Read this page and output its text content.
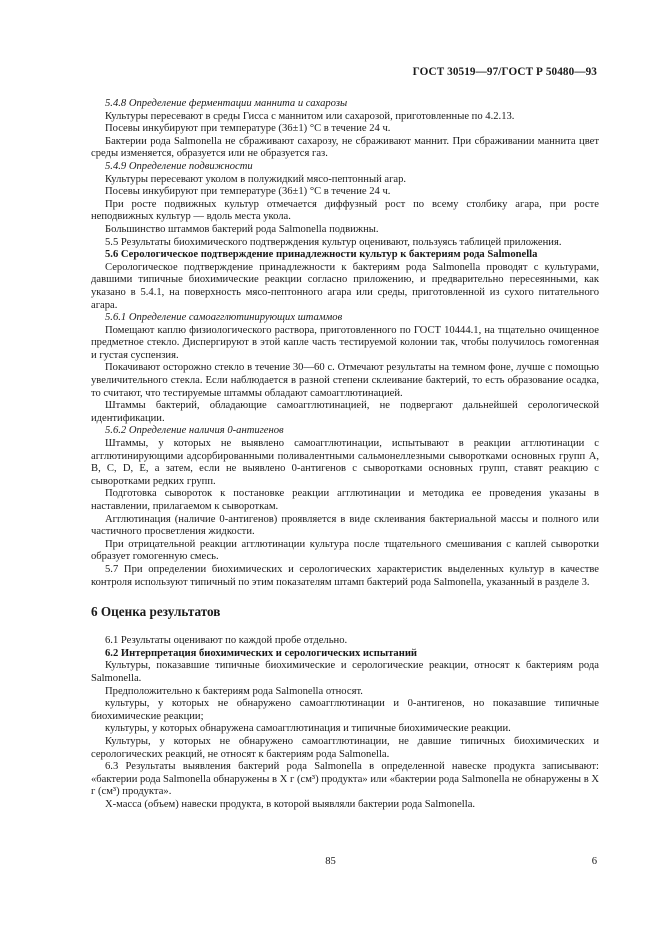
ГОСТ 30519—97/ГОСТ Р 50480—93

5.4.8 Определение ферментации маннита и сахарозы

Культуры пересевают в среды Гисса с маннитом или сахарозой, приготовленные по 4.2.13.

Посевы инкубируют при температуре (36±1) °С в течение 24 ч.

Бактерии рода Salmonella не сбраживают сахарозу, не сбраживают маннит. При сбраживании маннита цвет среды изменяется, образуется или не образуется газ.

5.4.9 Определение подвижности

Культуры пересевают уколом в полужидкий мясо-пептонный агар.

Посевы инкубируют при температуре (36±1) °С в течение 24 ч.

При росте подвижных культур отмечается диффузный рост по всему столбику агара, при росте неподвижных культур — вдоль места укола.

Большинство штаммов бактерий рода Salmonella подвижны.

5.5 Результаты биохимического подтверждения культур оценивают, пользуясь таблицей приложения.

5.6 Серологическое подтверждение принадлежности культур к бактериям рода Salmonella

Серологическое подтверждение принадлежности к бактериям рода Salmonella проводят с культурами, давшими типичные биохимические реакции согласно приложению, и предварительно пересеянными, как указано в 5.4.1, на поверхность мясо-пептонного агара или среды, приготовленной из сухого питательного агара.

5.6.1 Определение самоагглютинирующих штаммов

Помещают каплю физиологического раствора, приготовленного по ГОСТ 10444.1, на тщательно очищенное предметное стекло. Диспергируют в этой капле часть тестируемой колонии так, чтобы получилось гомогенная и густая суспензия.

Покачивают осторожно стекло в течение 30—60 с. Отмечают результаты на темном фоне, лучше с помощью увеличительного стекла. Если наблюдается в разной степени склеивание бактерий, то есть образование осадка, то считают, что тестируемые штаммы обладают самоагглютинацией.

Штаммы бактерий, обладающие самоагглютинацией, не подвергают дальнейшей серологической идентификации.

5.6.2 Определение наличия 0-антигенов

Штаммы, у которых не выявлено самоагглютинации, испытывают в реакции агглютинации с агглютинирующими адсорбированными поливалентными сальмонеллезными сыворотками основных групп A, B, C, D, E, а затем, если не выявлено 0-антигенов с сыворотками основных групп, ставят реакцию с сыворотками редких групп.

Подготовка сывороток к постановке реакции агглютинации и методика ее проведения указаны в наставлении, прилагаемом к сывороткам.

Агглютинация (наличие 0-антигенов) проявляется в виде склеивания бактериальной массы и полного или частичного просветления жидкости.

При отрицательной реакции агглютинации культура после тщательного смешивания с каплей сыворотки образует гомогенную смесь.

5.7 При определении биохимических и серологических характеристик выделенных культур в качестве контроля используют типичный по этим показателям штамп бактерий рода Salmonella, указанный в разделе 3.

6 Оценка результатов

6.1 Результаты оценивают по каждой пробе отдельно.

6.2 Интерпретация биохимических и серологических испытаний

Культуры, показавшие типичные биохимические и серологические реакции, относят к бактериям рода Salmonella.

Предположительно к бактериям рода Salmonella относят.

культуры, у которых не обнаружено самоагглютинации и 0-антигенов, но показавшие типичные биохимические реакции;

культуры, у которых обнаружена самоагглютинация и типичные биохимические реакции.

Культуры, у которых не обнаружено самоагглютинации, не давшие типичных биохимических и серологических реакций, не относят к бактериям рода Salmonella.

6.3 Результаты выявления бактерий рода Salmonella в определенной навеске продукта записывают: «бактерии рода Salmonella обнаружены в X г (см³) продукта» или «бактерии рода Salmonella не обнаружены в X г (см³) продукта».

X-масса (объем) навески продукта, в которой выявляли бактерии рода Salmonella.

85	6
